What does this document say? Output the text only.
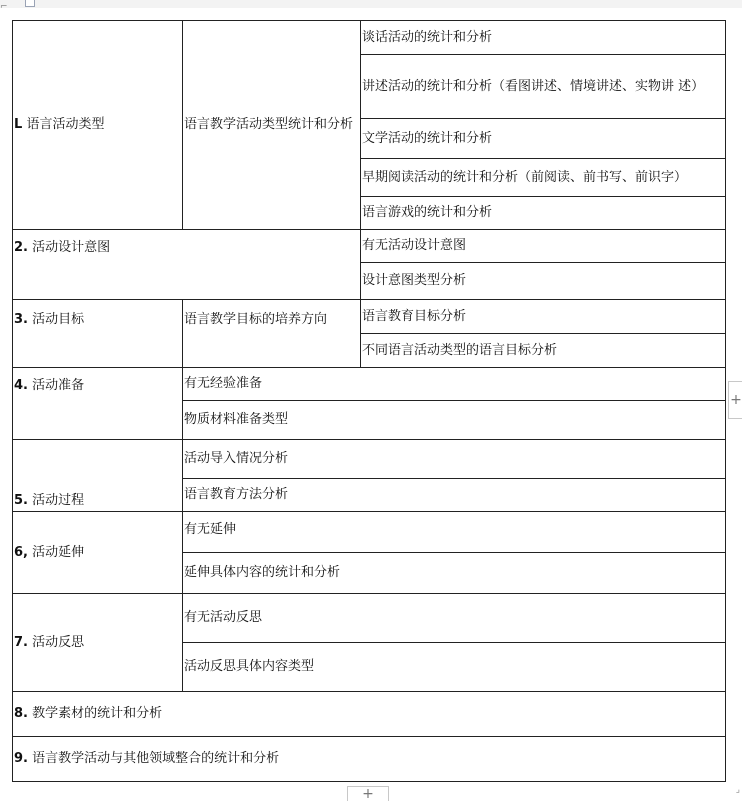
⌐
L 语言活动类型	语言教学活动类型统计和分析	谈话活动的统计和分析
		讲述活动的统计和分析（看图讲述、情境讲述、实物讲 述）
		文学活动的统计和分析
		早期阅读活动的统计和分析（前阅读、前书写、前识字）
		语言游戏的统计和分析
2. 活动设计意图		有无活动设计意图
		设计意图类型分析
3. 活动目标	语言教学目标的培养方向	语言教育目标分析
		不同语言活动类型的语言目标分析
4. 活动准备	有无经验准备	
	物质材料准备类型	
5. 活动过程	活动导入情况分析	
	语言教育方法分析	
6, 活动延伸	有无延伸	
	延伸具体内容的统计和分析	
7. 活动反思	有无活动反思	
	活动反思具体内容类型	
8. 教学素材的统计和分析		
9. 语言教学活动与其他领域整合的统计和分析		
+
+	⌟
